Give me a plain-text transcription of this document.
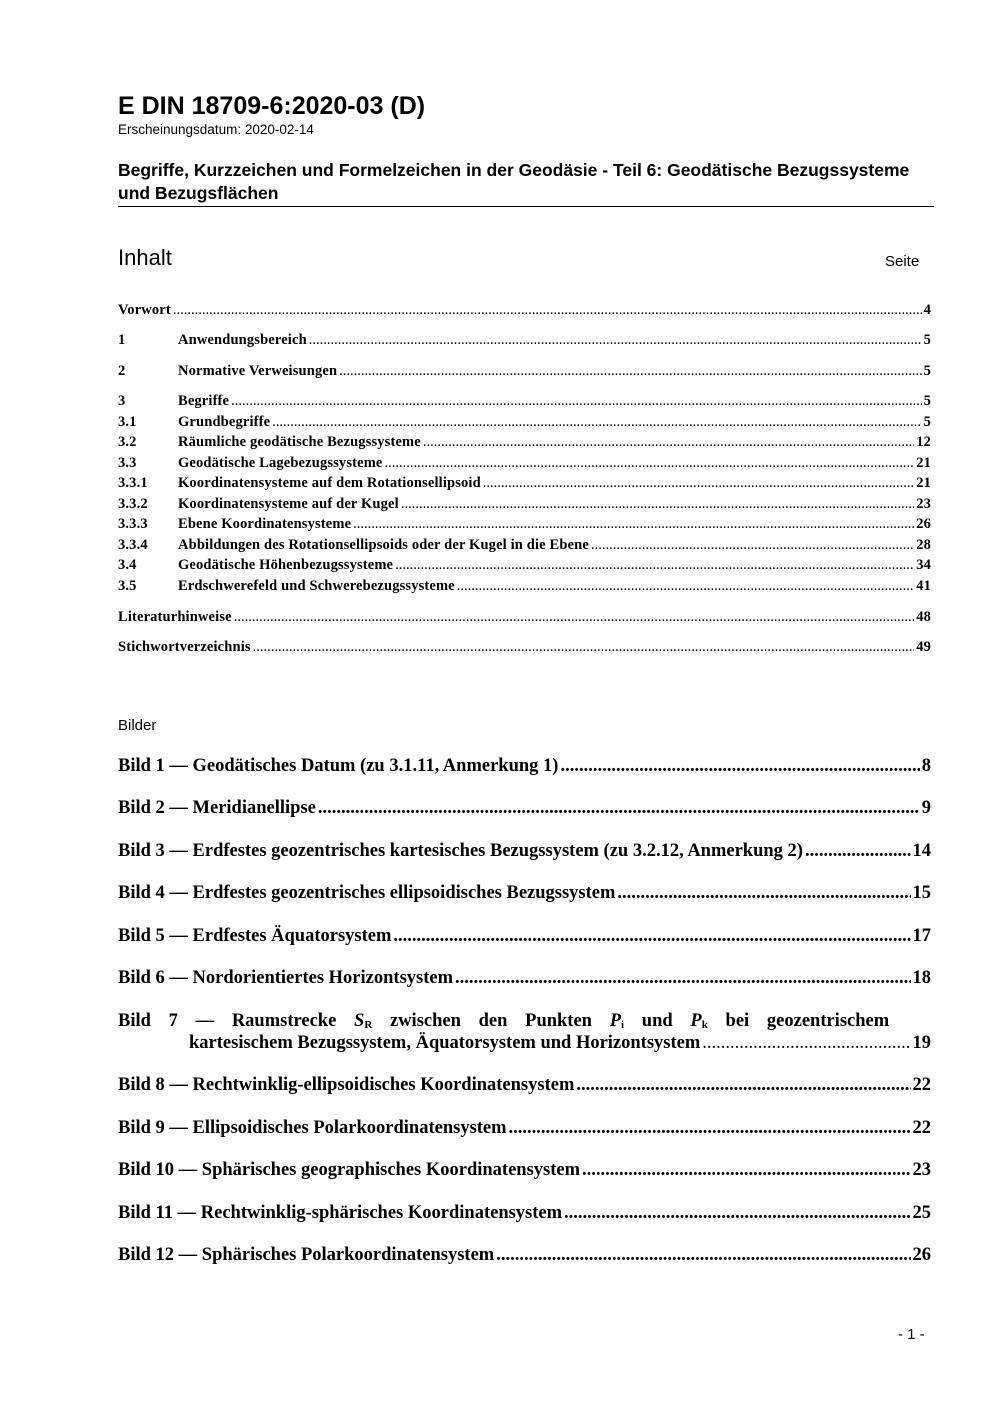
E DIN 18709-6:2020-03 (D)
Erscheinungsdatum: 2020-02-14
Begriffe, Kurzzeichen und Formelzeichen in der Geodäsie - Teil 6: Geodätische Bezugssysteme und Bezugsflächen
Inhalt	Seite
Vorwort .....	4
1	Anwendungsbereich .....	5
2	Normative Verweisungen .....	5
3	Begriffe .....	5
3.1	Grundbegriffe .....	5
3.2	Räumliche geodätische Bezugssysteme .....	12
3.3	Geodätische Lagebezugssysteme .....	21
3.3.1	Koordinatensysteme auf dem Rotationsellipsoid .....	21
3.3.2	Koordinatensysteme auf der Kugel .....	23
3.3.3	Ebene Koordinatensysteme .....	26
3.3.4	Abbildungen des Rotationsellipsoids oder der Kugel in die Ebene .....	28
3.4	Geodätische Höhenbezugssysteme .....	34
3.5	Erdschwerefeld und Schwerebezugssysteme .....	41
Literaturhinweise .....	48
Stichwortverzeichnis .....	49
Bilder
Bild 1 — Geodätisches Datum (zu 3.1.11, Anmerkung 1) .....	8
Bild 2 — Meridianellipse .....	9
Bild 3 — Erdfestes geozentrisches kartesisches Bezugssystem (zu 3.2.12, Anmerkung 2) .....	14
Bild 4 — Erdfestes geozentrisches ellipsoidisches Bezugssystem .....	15
Bild 5 — Erdfestes Äquatorsystem .....	17
Bild 6 — Nordorientiertes Horizontsystem .....	18
Bild 7 — Raumstrecke $S_R$ zwischen den Punkten $P_i$ und $P_k$ bei geozentrischem
kartesischem Bezugssystem, Äquatorsystem und Horizontsystem .....	19
Bild 8 — Rechtwinklig-ellipsoidisches Koordinatensystem .....	22
Bild 9 — Ellipsoidisches Polarkoordinatensystem .....	22
Bild 10 — Sphärisches geographisches Koordinatensystem .....	23
Bild 11 — Rechtwinklig-sphärisches Koordinatensystem .....	25
Bild 12 — Sphärisches Polarkoordinatensystem .....	26
- 1 -
